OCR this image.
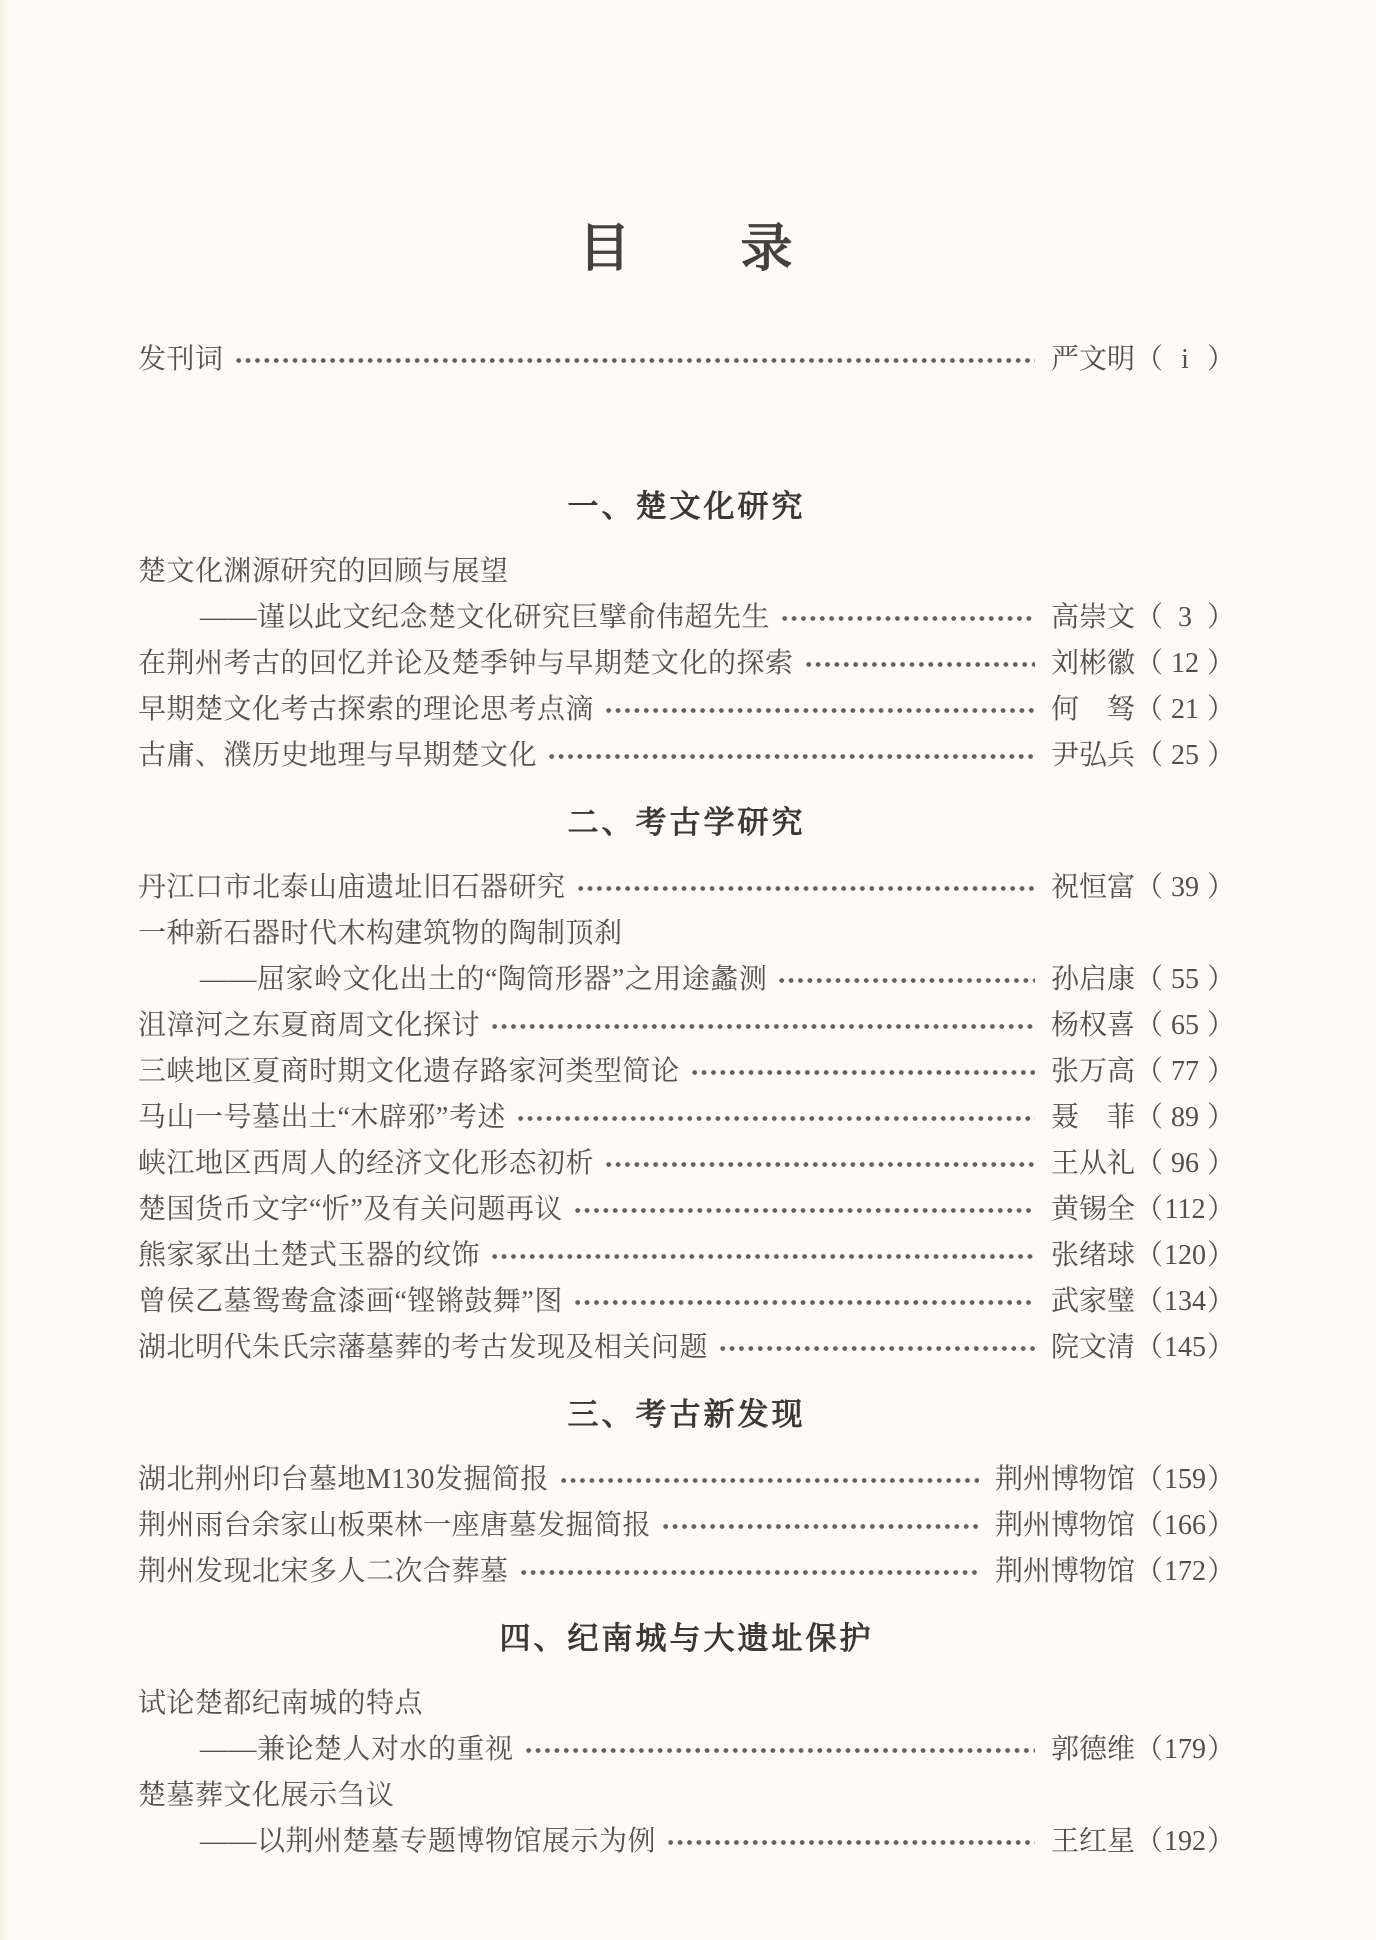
目　　录
发刊词	严文明（ i ）
一、楚文化研究
楚文化渊源研究的回顾与展望
——谨以此文纪念楚文化研究巨擘俞伟超先生	高崇文（ 3 ）
在荆州考古的回忆并论及楚季钟与早期楚文化的探索	刘彬徽（ 12 ）
早期楚文化考古探索的理论思考点滴	何　驽（ 21 ）
古庸、濮历史地理与早期楚文化	尹弘兵（ 25 ）
二、考古学研究
丹江口市北泰山庙遗址旧石器研究	祝恒富（ 39 ）
一种新石器时代木构建筑物的陶制顶刹
——屈家岭文化出土的“陶筒形器”之用途蠡测	孙启康（ 55 ）
沮漳河之东夏商周文化探讨	杨权喜（ 65 ）
三峡地区夏商时期文化遗存路家河类型简论	张万高（ 77 ）
马山一号墓出土“木辟邪”考述	聂　菲（ 89 ）
峡江地区西周人的经济文化形态初析	王从礼（ 96 ）
楚国货币文字“忻”及有关问题再议	黄锡全（112）
熊家冢出土楚式玉器的纹饰	张绪球（120）
曾侯乙墓鸳鸯盒漆画“铿锵鼓舞”图	武家璧（134）
湖北明代朱氏宗藩墓葬的考古发现及相关问题	院文清（145）
三、考古新发现
湖北荆州印台墓地M130发掘简报	荆州博物馆（159）
荆州雨台余家山板栗林一座唐墓发掘简报	荆州博物馆（166）
荆州发现北宋多人二次合葬墓	荆州博物馆（172）
四、纪南城与大遗址保护
试论楚都纪南城的特点
——兼论楚人对水的重视	郭德维（179）
楚墓葬文化展示刍议
——以荆州楚墓专题博物馆展示为例	王红星（192）
